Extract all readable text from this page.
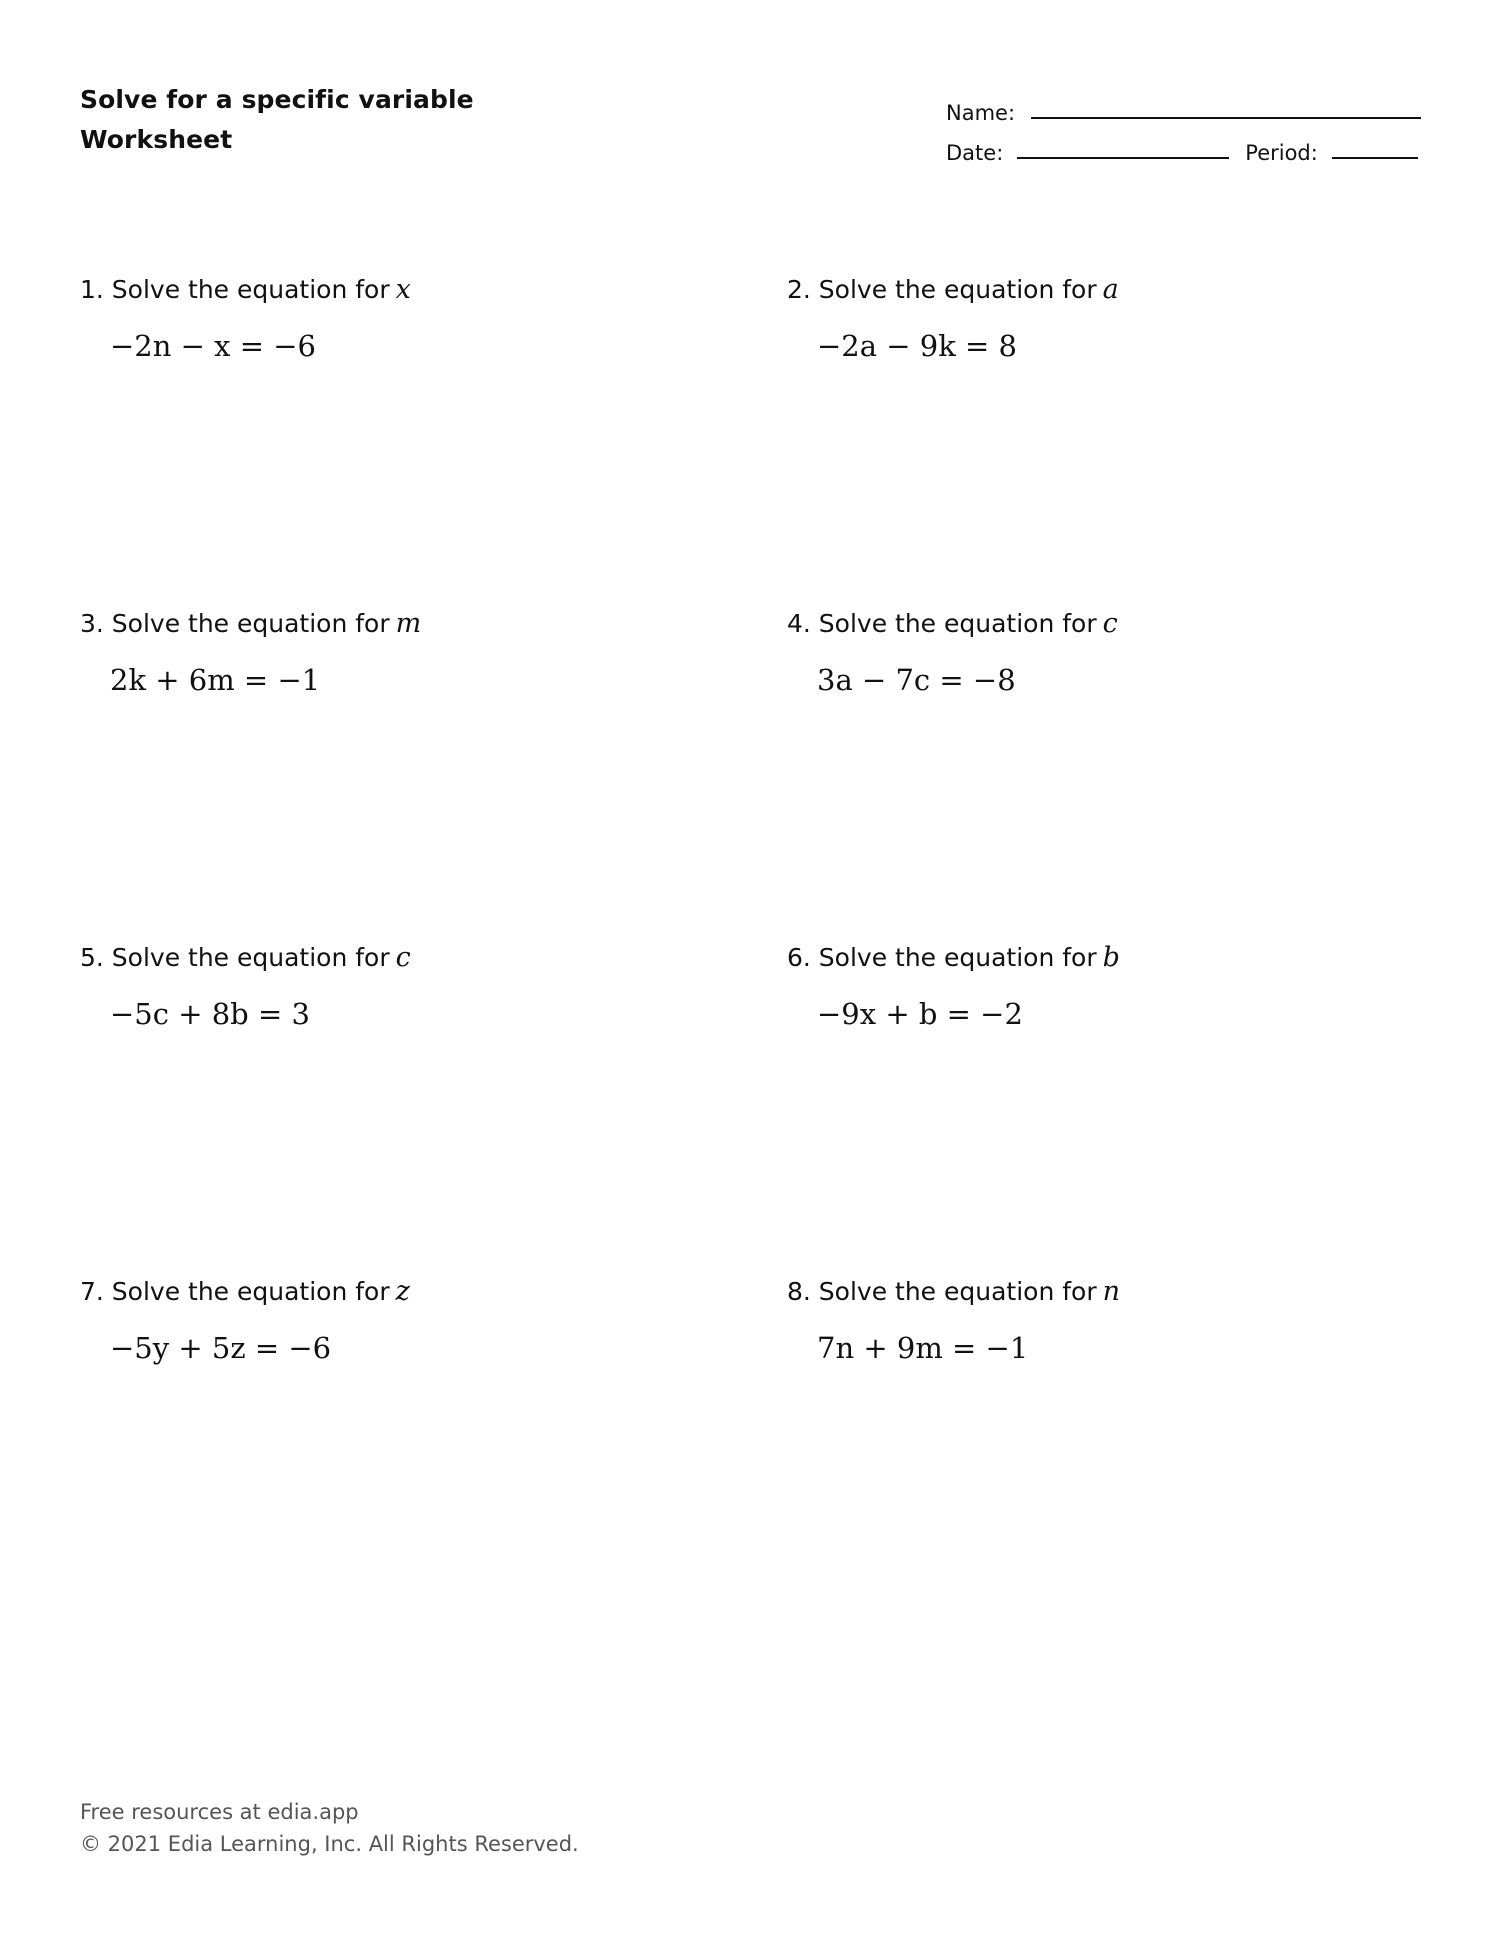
Solve for a specific variable
Worksheet
Name:
Date:	Period:
1. Solve the equation for x
−2n − x = −6
2. Solve the equation for a
−2a − 9k = 8
3. Solve the equation for m
2k + 6m = −1
4. Solve the equation for c
3a − 7c = −8
5. Solve the equation for c
−5c + 8b = 3
6. Solve the equation for b
−9x + b = −2
7. Solve the equation for z
−5y + 5z = −6
8. Solve the equation for n
7n + 9m = −1
Free resources at edia.app
© 2021 Edia Learning, Inc. All Rights Reserved.
